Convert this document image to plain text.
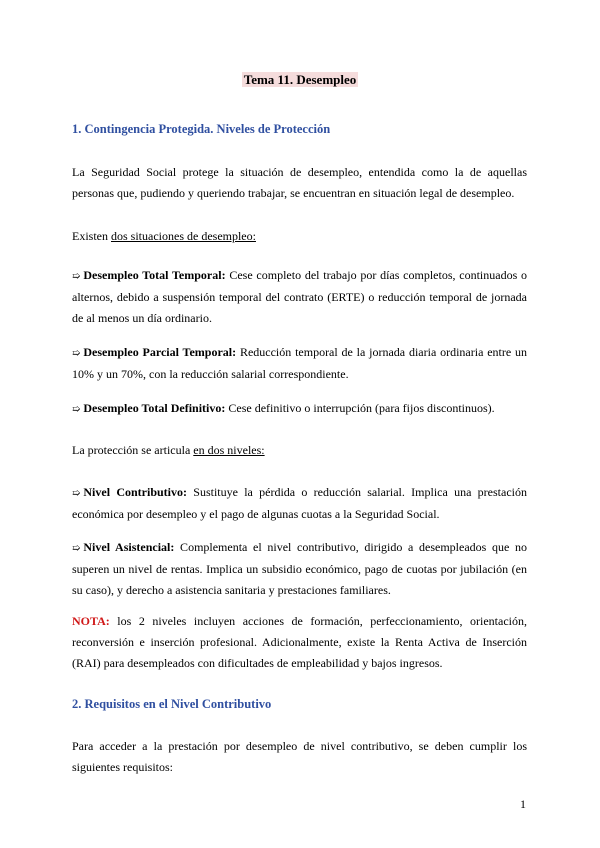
Tema 11. Desempleo
1. Contingencia Protegida. Niveles de Protección
La Seguridad Social protege la situación de desempleo, entendida como la de aquellas personas que, pudiendo y queriendo trabajar, se encuentran en situación legal de desempleo.
Existen dos situaciones de desempleo:
➯ Desempleo Total Temporal: Cese completo del trabajo por días completos, continuados o alternos, debido a suspensión temporal del contrato (ERTE) o reducción temporal de jornada de al menos un día ordinario.
➯ Desempleo Parcial Temporal: Reducción temporal de la jornada diaria ordinaria entre un 10% y un 70%, con la reducción salarial correspondiente.
➯ Desempleo Total Definitivo: Cese definitivo o interrupción (para fijos discontinuos).
La protección se articula en dos niveles:
➯ Nivel Contributivo: Sustituye la pérdida o reducción salarial. Implica una prestación económica por desempleo y el pago de algunas cuotas a la Seguridad Social.
➯ Nivel Asistencial: Complementa el nivel contributivo, dirigido a desempleados que no superen un nivel de rentas. Implica un subsidio económico, pago de cuotas por jubilación (en su caso), y derecho a asistencia sanitaria y prestaciones familiares.
NOTA: los 2 niveles incluyen acciones de formación, perfeccionamiento, orientación, reconversión e inserción profesional. Adicionalmente, existe la Renta Activa de Inserción (RAI) para desempleados con dificultades de empleabilidad y bajos ingresos.
2. Requisitos en el Nivel Contributivo
Para acceder a la prestación por desempleo de nivel contributivo, se deben cumplir los siguientes requisitos:
1
